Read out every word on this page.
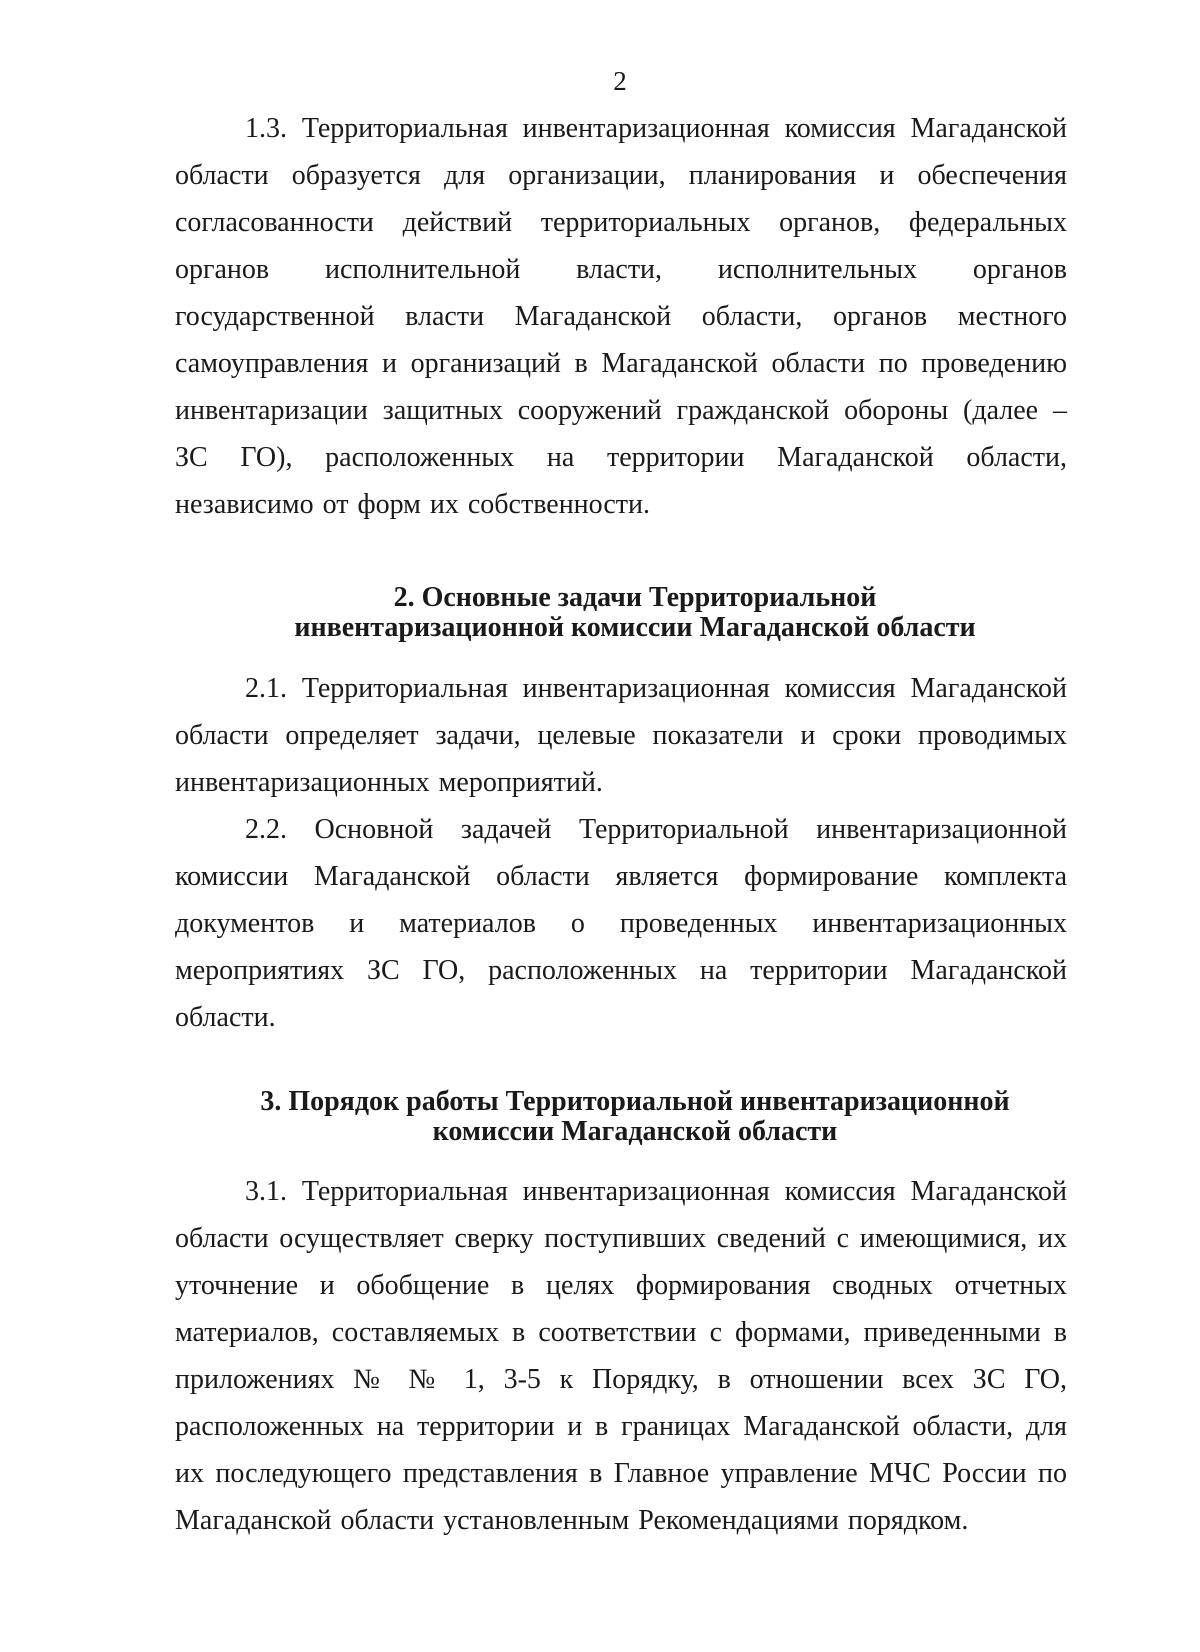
2

1.3. Территориальная инвентаризационная комиссия Магаданской области образуется для организации, планирования и обеспечения согласованности действий территориальных органов, федеральных органов исполнительной власти, исполнительных органов государственной власти Магаданской области, органов местного самоуправления и организаций в Магаданской области по проведению инвентаризации защитных сооружений гражданской обороны (далее – ЗС ГО), расположенных на территории Магаданской области, независимо от форм их собственности.

2. Основные задачи Территориальной
инвентаризационной комиссии Магаданской области

2.1. Территориальная инвентаризационная комиссия Магаданской области определяет задачи, целевые показатели и сроки проводимых инвентаризационных мероприятий.

2.2. Основной задачей Территориальной инвентаризационной комиссии Магаданской области является формирование комплекта документов и материалов о проведенных инвентаризационных мероприятиях ЗС ГО, расположенных на территории Магаданской области.

3. Порядок работы Территориальной инвентаризационной
комиссии Магаданской области

3.1. Территориальная инвентаризационная комиссия Магаданской области осуществляет сверку поступивших сведений с имеющимися, их уточнение и обобщение в целях формирования сводных отчетных материалов, составляемых в соответствии с формами, приведенными в приложениях № № 1, 3-5 к Порядку, в отношении всех ЗС ГО, расположенных на территории и в границах Магаданской области, для их последующего представления в Главное управление МЧС России по Магаданской области установленным Рекомендациями порядком.
